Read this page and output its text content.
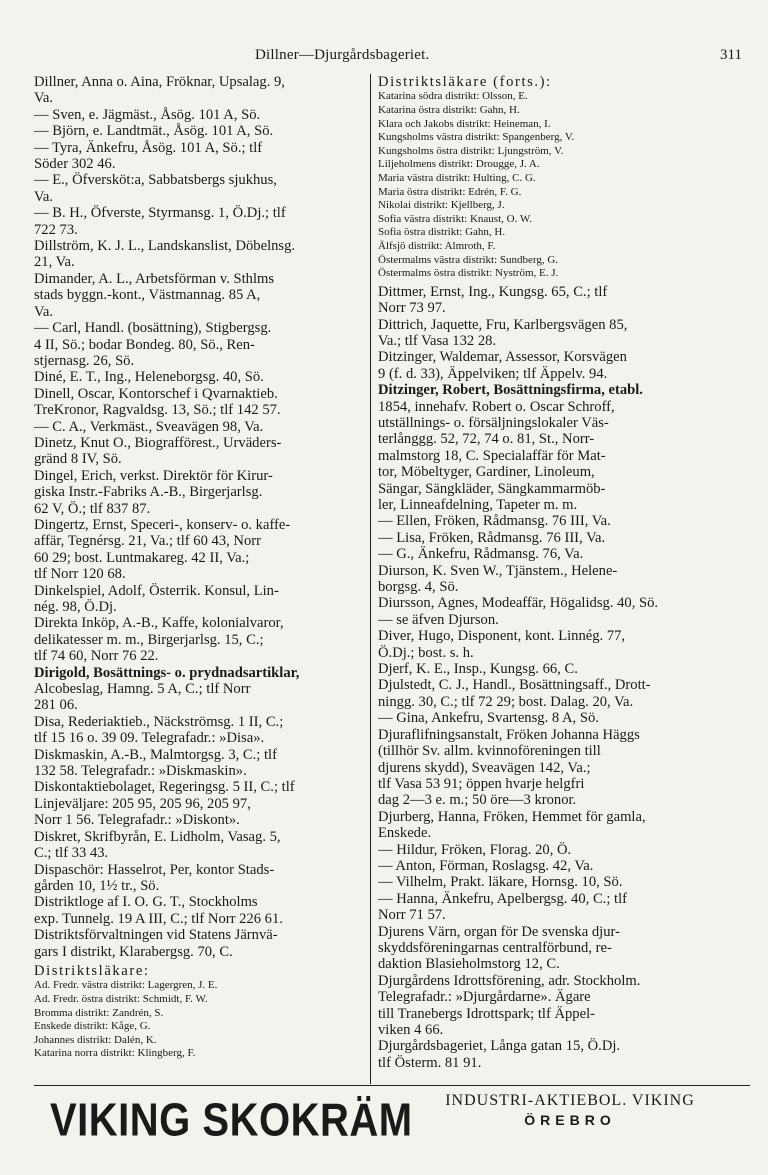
Dillner—Djurgårdsbageriet.	311
Dillner, Anna o. Aina, Fröknar, Upsalag. 9,
Va.
— Sven, e. Jägmäst., Åsög. 101 A, Sö.
— Björn, e. Landtmät., Åsög. 101 A, Sö.
— Tyra, Änkefru, Åsög. 101 A, Sö.; tlf
Söder 302 46.
— E., Öfversköt:a, Sabbatsbergs sjukhus,
Va.
— B. H., Öfverste, Styrmansg. 1, Ö.Dj.; tlf
722 73.
Dillström, K. J. L., Landskanslist, Döbelnsg.
21, Va.
Dimander, A. L., Arbetsförman v. Sthlms
stads byggn.-kont., Västmannag. 85 A,
Va.
— Carl, Handl. (bosättning), Stigbergsg.
4 II, Sö.; bodar Bondeg. 80, Sö., Ren-
stjernasg. 26, Sö.
Diné, E. T., Ing., Heleneborgsg. 40, Sö.
Dinell, Oscar, Kontorschef i Qvarnaktieb.
TreKronor, Ragvaldsg. 13, Sö.; tlf 142 57.
— C. A., Verkmäst., Sveavägen 98, Va.
Dinetz, Knut O., Biografförest., Urväders-
gränd 8 IV, Sö.
Dingel, Erich, verkst. Direktör för Kirur-
giska Instr.-Fabriks A.-B., Birgerjarlsg.
62 V, Ö.; tlf 837 87.
Dingertz, Ernst, Speceri-, konserv- o. kaffe-
affär, Tegnérsg. 21, Va.; tlf 60 43, Norr
60 29; bost. Luntmakareg. 42 II, Va.;
tlf Norr 120 68.
Dinkelspiel, Adolf, Österrik. Konsul, Lin-
nég. 98, Ö.Dj.
Direkta Inköp, A.-B., Kaffe, kolonialvaror,
delikatesser m. m., Birgerjarlsg. 15, C.;
tlf 74 60, Norr 76 22.
Dirigold, Bosättnings- o. prydnadsartiklar,
Alcobeslag, Hamng. 5 A, C.; tlf Norr
281 06.
Disa, Rederiaktieb., Näckströmsg. 1 II, C.;
tlf 15 16 o. 39 09. Telegrafadr.: »Disa».
Diskmaskin, A.-B., Malmtorgsg. 3, C.; tlf
132 58. Telegrafadr.: »Diskmaskin».
Diskontaktiebolaget, Regeringsg. 5 II, C.; tlf
Linjeväljare: 205 95, 205 96, 205 97,
Norr 1 56. Telegrafadr.: »Diskont».
Diskret, Skrifbyrån, E. Lidholm, Vasag. 5,
C.; tlf 33 43.
Dispaschör: Hasselrot, Per, kontor Stads-
gården 10, 1½ tr., Sö.
Distriktloge af I. O. G. T., Stockholms
exp. Tunnelg. 19 A III, C.; tlf Norr 226 61.
Distriktsförvaltningen vid Statens Järnvä-
gars I distrikt, Klarabergsg. 70, C.
Distriktsläkare:
Ad. Fredr. västra distrikt: Lagergren, J. E.
Ad. Fredr. östra distrikt: Schmidt, F. W.
Bromma distrikt: Zandrén, S.
Enskede distrikt: Kåge, G.
Johannes distrikt: Dalén, K.
Katarina norra distrikt: Klingberg, F.
Distriktsläkare (forts.):
Katarina södra distrikt: Olsson, E.
Katarina östra distrikt: Gahn, H.
Klara och Jakobs distrikt: Heineman, I.
Kungsholms västra distrikt: Spangenberg, V.
Kungsholms östra distrikt: Ljungström, V.
Liljeholmens distrikt: Drougge, J. A.
Maria västra distrikt: Hulting, C. G.
Maria östra distrikt: Edrén, F. G.
Nikolai distrikt: Kjellberg, J.
Sofia västra distrikt: Knaust, O. W.
Sofia östra distrikt: Gahn, H.
Älfsjö distrikt: Almroth, F.
Östermalms västra distrikt: Sundberg, G.
Östermalms östra distrikt: Nyström, E. J.
Dittmer, Ernst, Ing., Kungsg. 65, C.; tlf
Norr 73 97.
Dittrich, Jaquette, Fru, Karlbergsvägen 85,
Va.; tlf Vasa 132 28.
Ditzinger, Waldemar, Assessor, Korsvägen
9 (f. d. 33), Äppelviken; tlf Äppelv. 94.
Ditzinger, Robert, Bosättningsfirma, etabl.
1854, innehafv. Robert o. Oscar Schroff,
utställnings- o. försäljningslokaler Väs-
terlånggg. 52, 72, 74 o. 81, St., Norr-
malmstorg 18, C. Specialaffär för Mat-
tor, Möbeltyger, Gardiner, Linoleum,
Sängar, Sängkläder, Sängkammarmöb-
ler, Linneafdelning, Tapeter m. m.
— Ellen, Fröken, Rådmansg. 76 III, Va.
— Lisa, Fröken, Rådmansg. 76 III, Va.
— G., Änkefru, Rådmansg. 76, Va.
Diurson, K. Sven W., Tjänstem., Helene-
borgsg. 4, Sö.
Diursson, Agnes, Modeaffär, Högalidsg. 40, Sö.
— se äfven Djurson.
Diver, Hugo, Disponent, kont. Linnég. 77,
Ö.Dj.; bost. s. h.
Djerf, K. E., Insp., Kungsg. 66, C.
Djulstedt, C. J., Handl., Bosättningsaff., Drott-
ningg. 30, C.; tlf 72 29; bost. Dalag. 20, Va.
— Gina, Ankefru, Svartensg. 8 A, Sö.
Djuraflifningsanstalt, Fröken Johanna Häggs
(tillhör Sv. allm. kvinnoföreningen till
djurens skydd), Sveavägen 142, Va.;
tlf Vasa 53 91; öppen hvarje helgfri
dag 2—3 e. m.; 50 öre—3 kronor.
Djurberg, Hanna, Fröken, Hemmet för gamla,
Enskede.
— Hildur, Fröken, Florag. 20, Ö.
— Anton, Förman, Roslagsg. 42, Va.
— Vilhelm, Prakt. läkare, Hornsg. 10, Sö.
— Hanna, Änkefru, Apelbergsg. 40, C.; tlf
Norr 71 57.
Djurens Värn, organ för De svenska djur-
skyddsföreningarnas centralförbund, re-
daktion Blasieholmstorg 12, C.
Djurgårdens Idrottsförening, adr. Stockholm.
Telegrafadr.: »Djurgårdarne». Ägare
till Tranebergs Idrottspark; tlf Äppel-
viken 4 66.
Djurgårdsbageriet, Långa gatan 15, Ö.Dj.
tlf Österm. 81 91.
VIKING SKOKRÄM	INDUSTRI-AKTIEBOL. VIKING
ÖREBRO
